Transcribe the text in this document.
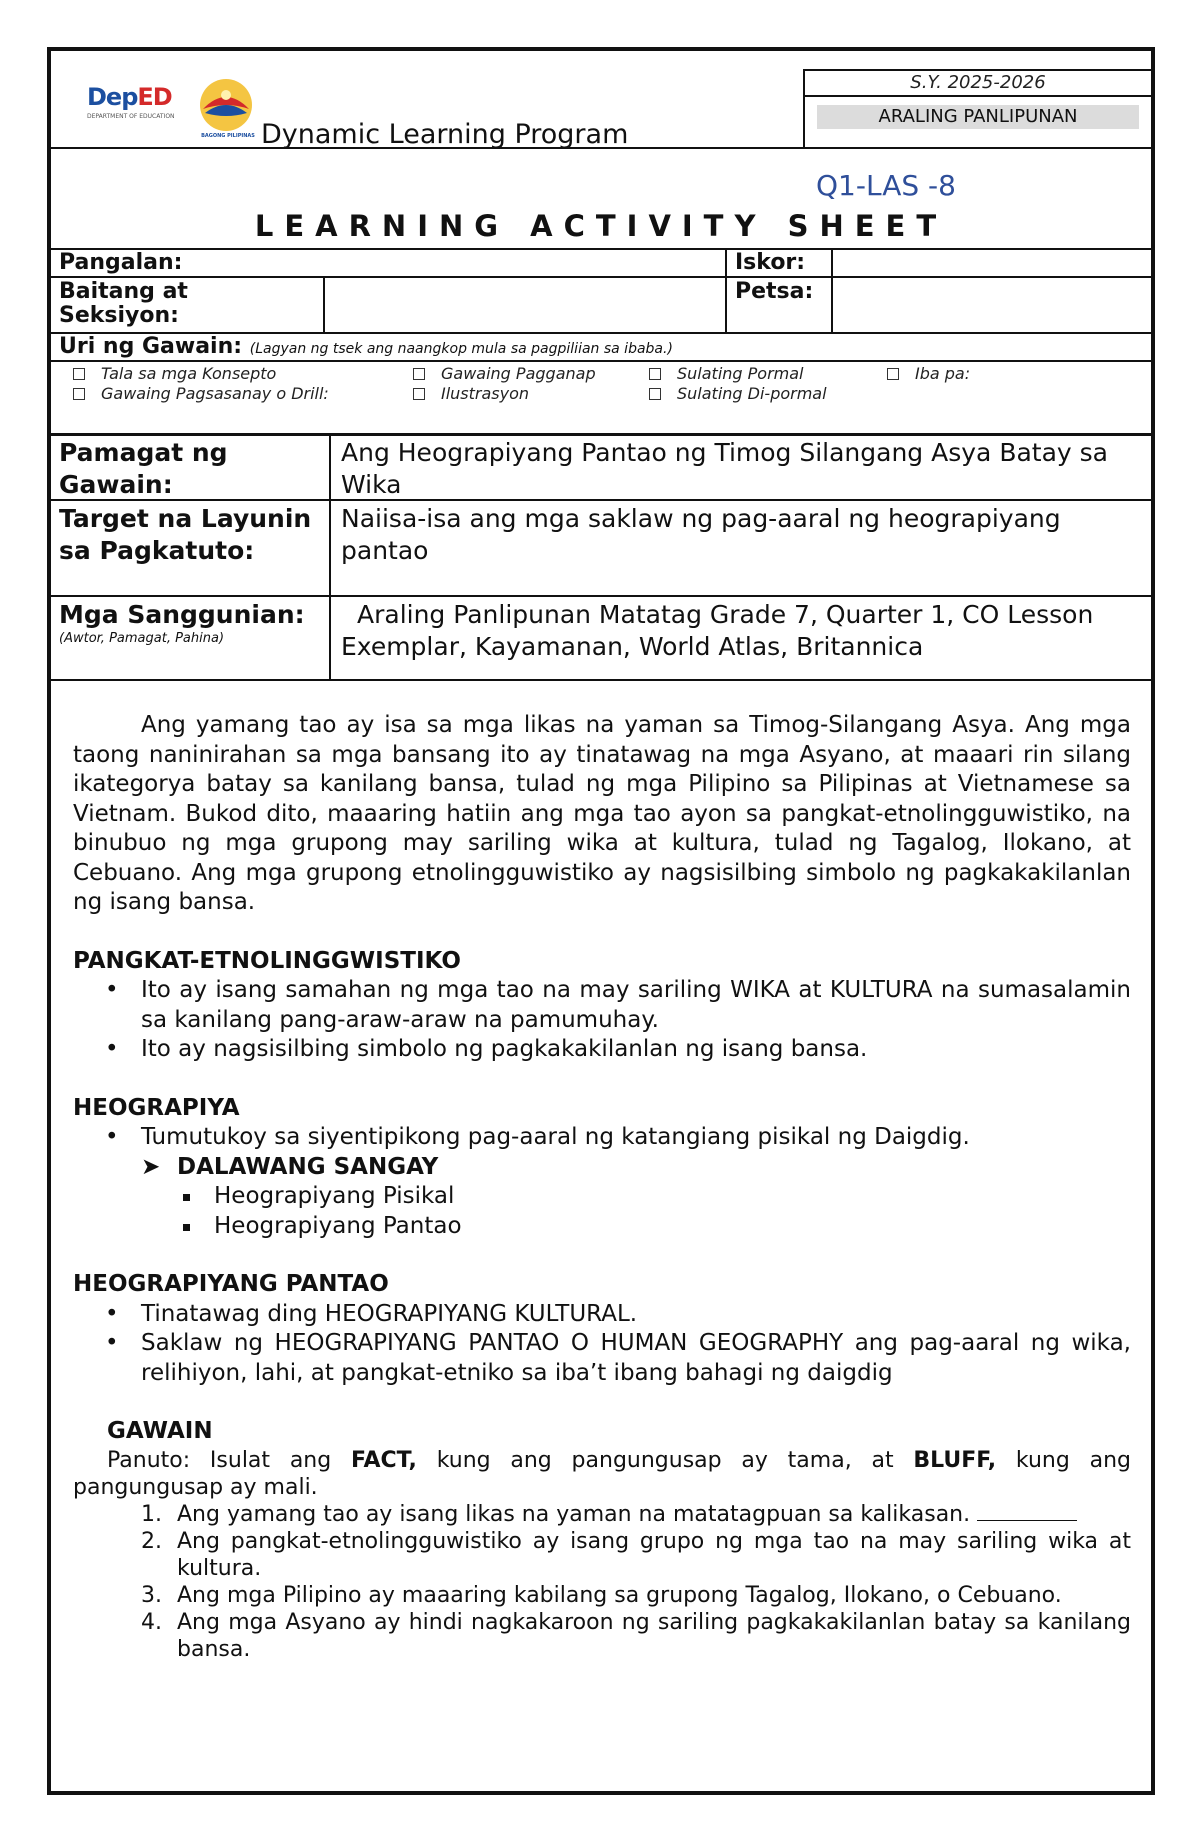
DepED
DEPARTMENT OF EDUCATION
BAGONG PILIPINAS Dynamic Learning Program
S.Y. 2025-2026
ARALING PANLIPUNAN
Q1-LAS -8
LEARNING ACTIVITY SHEET
Pangalan:	Iskor:
Baitang at Seksiyon:
Petsa:
Uri ng Gawain: (Lagyan ng tsek ang naangkop mula sa pagpiliian sa ibaba.)
Tala sa mga Konsepto	Gawaing Pagganap	Sulating Pormal	Iba pa:
Gawaing Pagsasanay o Drill:	Ilustrasyon	Sulating Di-pormal
Pamagat ng Gawain:
Ang Heograpiyang Pantao ng Timog Silangang Asya Batay sa Wika
Target na Layunin sa Pagkatuto:
Naiisa-isa ang mga saklaw ng pag-aaral ng heograpiyang pantao
Mga Sanggunian:
(Awtor, Pamagat, Pahina)
Araling Panlipunan Matatag Grade 7, Quarter 1, CO Lesson Exemplar, Kayamanan, World Atlas, Britannica

Ang yamang tao ay isa sa mga likas na yaman sa Timog-Silangang Asya. Ang mga taong naninirahan sa mga bansang ito ay tinatawag na mga Asyano, at maaari rin silang ikategorya batay sa kanilang bansa, tulad ng mga Pilipino sa Pilipinas at Vietnamese sa Vietnam. Bukod dito, maaaring hatiin ang mga tao ayon sa pangkat-etnolingguwistiko, na binubuo ng mga grupong may sariling wika at kultura, tulad ng Tagalog, Ilokano, at Cebuano. Ang mga grupong etnolingguwistiko ay nagsisilbing simbolo ng pagkakakilanlan ng isang bansa.

PANGKAT-ETNOLINGGWISTIKO
• Ito ay isang samahan ng mga tao na may sariling WIKA at KULTURA na sumasalamin sa kanilang pang-araw-araw na pamumuhay.
• Ito ay nagsisilbing simbolo ng pagkakakilanlan ng isang bansa.
HEOGRAPIYA
• Tumutukoy sa siyentipikong pag-aaral ng katangiang pisikal ng Daigdig.
➤ DALAWANG SANGAY
Heograpiyang Pisikal
Heograpiyang Pantao
HEOGRAPIYANG PANTAO
• Tinatawag ding HEOGRAPIYANG KULTURAL.
• Saklaw ng HEOGRAPIYANG PANTAO O HUMAN GEOGRAPHY ang pag-aaral ng wika, relihiyon, lahi, at pangkat-etniko sa iba’t ibang bahagi ng daigdig
GAWAIN

Panuto: Isulat ang FACT, kung ang pangungusap ay tama, at BLUFF, kung ang pangungusap ay mali.

1. Ang yamang tao ay isang likas na yaman na matatagpuan sa kalikasan.
2. Ang pangkat-etnolingguwistiko ay isang grupo ng mga tao na may sariling wika at kultura.
3. Ang mga Pilipino ay maaaring kabilang sa grupong Tagalog, Ilokano, o Cebuano.
4. Ang mga Asyano ay hindi nagkakaroon ng sariling pagkakakilanlan batay sa kanilang bansa.
